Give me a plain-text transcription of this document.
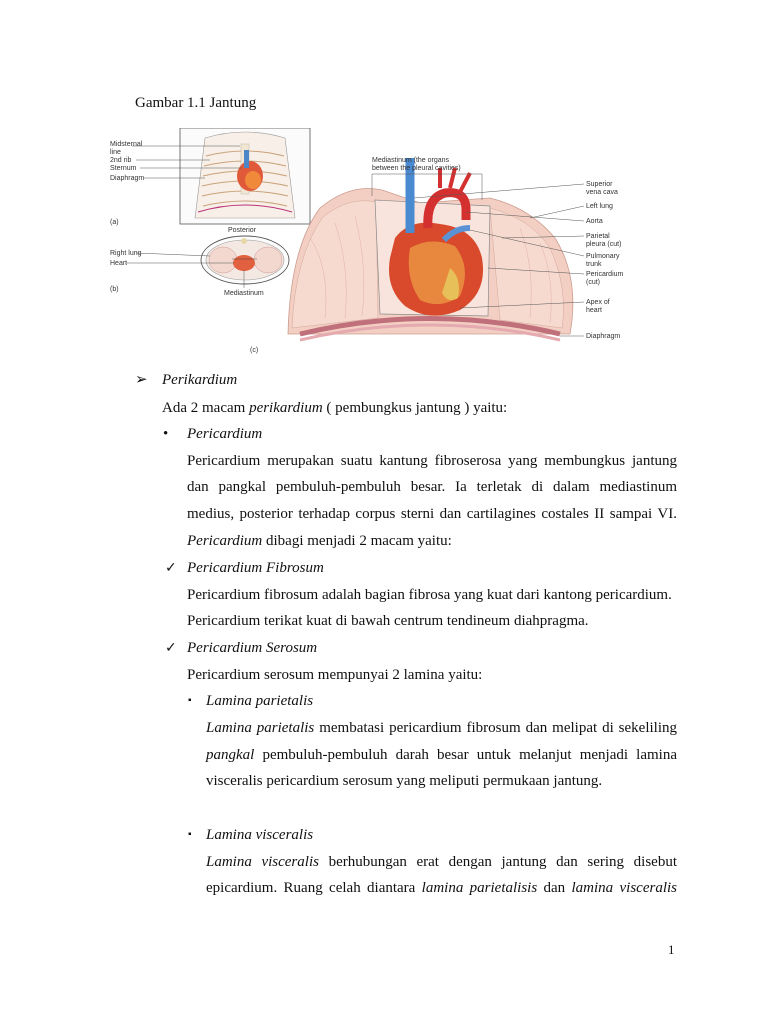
Gambar 1.1 Jantung
Midsternal
line
2nd rib
Sternum
Diaphragm
(a)
Posterior
Right lung
Heart
Mediastinum
(b)
Mediastinum (the organs
between the pleural cavities)
Superior
vena cava
Left lung
Aorta
Parietal
pleura (cut)
Pulmonary
trunk
Pericardium
(cut)
Apex of
heart
Diaphragm
(c)
➢ Perikardium
Ada 2 macam perikardium ( pembungkus jantung ) yaitu:
• Pericardium
Pericardium merupakan suatu kantung fibroserosa yang membungkus jantung
dan pangkal pembuluh-pembuluh besar. Ia terletak di dalam mediastinum
medius, posterior terhadap corpus sterni dan cartilagines costales II sampai VI.
Pericardium dibagi menjadi 2 macam yaitu:
✓ Pericardium Fibrosum
Pericardium fibrosum adalah bagian fibrosa yang kuat dari kantong pericardium.
Pericardium terikat kuat di bawah centrum tendineum diahpragma.
✓ Pericardium Serosum
Pericardium serosum mempunyai 2 lamina yaitu:
▪ Lamina parietalis
Lamina parietalis membatasi pericardium fibrosum dan melipat di sekeliling
pangkal pembuluh-pembuluh darah besar untuk melanjut menjadi lamina
visceralis pericardium serosum yang meliputi permukaan jantung.
▪ Lamina visceralis
Lamina visceralis berhubungan erat dengan jantung dan sering disebut
epicardium. Ruang celah diantara lamina parietalisis dan lamina visceralis
1
